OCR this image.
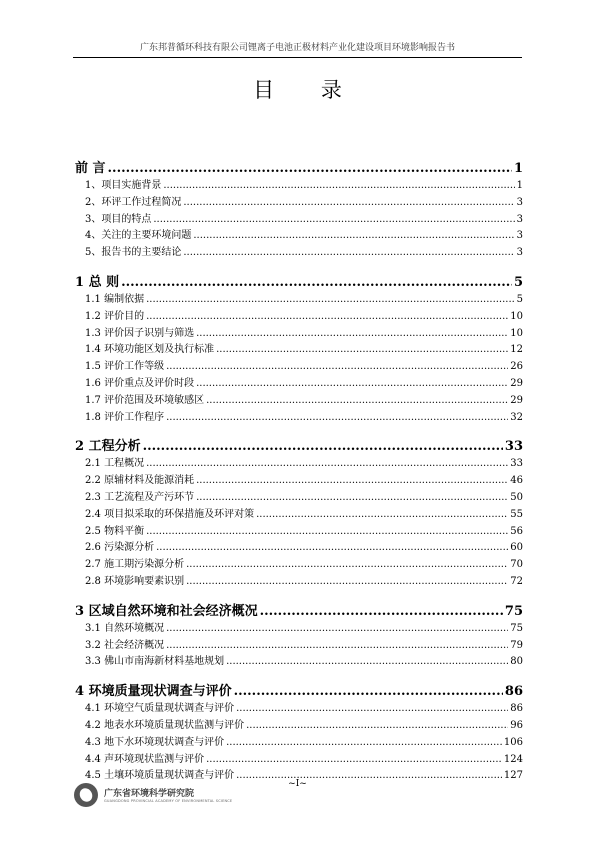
广东邦普循环科技有限公司锂离子电池正极材料产业化建设项目环境影响报告书
目 录
前 言 .....	1
1、项目实施背景 .....	1
2、环评工作过程简况 .....	3
3、项目的特点 .....	3
4、关注的主要环境问题 .....	3
5、报告书的主要结论 .....	3
1 总 则 .....	5
1.1 编制依据 .....	5
1.2 评价目的 .....	10
1.3 评价因子识别与筛选 .....	10
1.4 环境功能区划及执行标准 .....	12
1.5 评价工作等级 .....	26
1.6 评价重点及评价时段 .....	29
1.7 评价范围及环境敏感区 .....	29
1.8 评价工作程序 .....	32
2 工程分析 .....	33
2.1 工程概况 .....	33
2.2 原辅材料及能源消耗 .....	46
2.3 工艺流程及产污环节 .....	50
2.4 项目拟采取的环保措施及环评对策 .....	55
2.5 物料平衡 .....	56
2.6 污染源分析 .....	60
2.7 施工期污染源分析 .....	70
2.8 环境影响要素识别 .....	72
3 区域自然环境和社会经济概况 .....	75
3.1 自然环境概况 .....	75
3.2 社会经济概况 .....	79
3.3 佛山市南海新材料基地规划 .....	80
4 环境质量现状调查与评价 .....	86
4.1 环境空气质量现状调查与评价 .....	86
4.2 地表水环境质量现状监测与评价 .....	96
4.3 地下水环境现状调查与评价 .....	106
4.4 声环境现状监测与评价 .....	124
4.5 土壤环境质量现状调查与评价 .....	127
~I~
广东省环境科学研究院
GUANGDONG PROVINCIAL ACADEMY OF ENVIRONMENTAL SCIENCE
